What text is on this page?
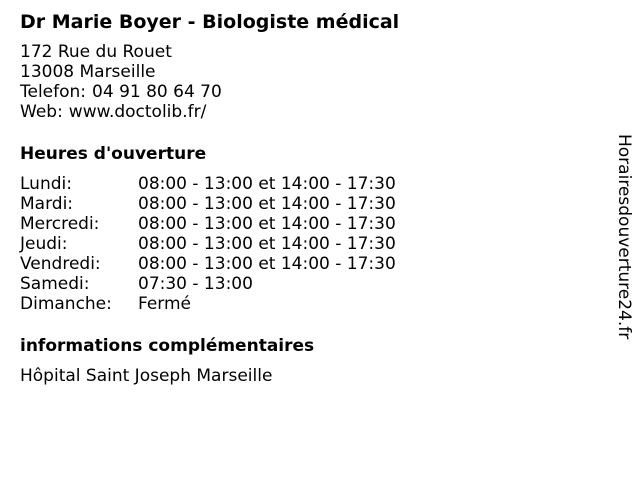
Dr Marie Boyer - Biologiste médical
172 Rue du Rouet
13008 Marseille
Telefon: 04 91 80 64 70
Web: www.doctolib.fr/
Heures d'ouverture
Lundi:	08:00 - 13:00 et 14:00 - 17:30
Mardi:	08:00 - 13:00 et 14:00 - 17:30
Mercredi:	08:00 - 13:00 et 14:00 - 17:30
Jeudi:	08:00 - 13:00 et 14:00 - 17:30
Vendredi:	08:00 - 13:00 et 14:00 - 17:30
Samedi:	07:30 - 13:00
Dimanche:	Fermé
informations complémentaires

Hôpital Saint Joseph Marseille

Horairesdouverture24.fr
